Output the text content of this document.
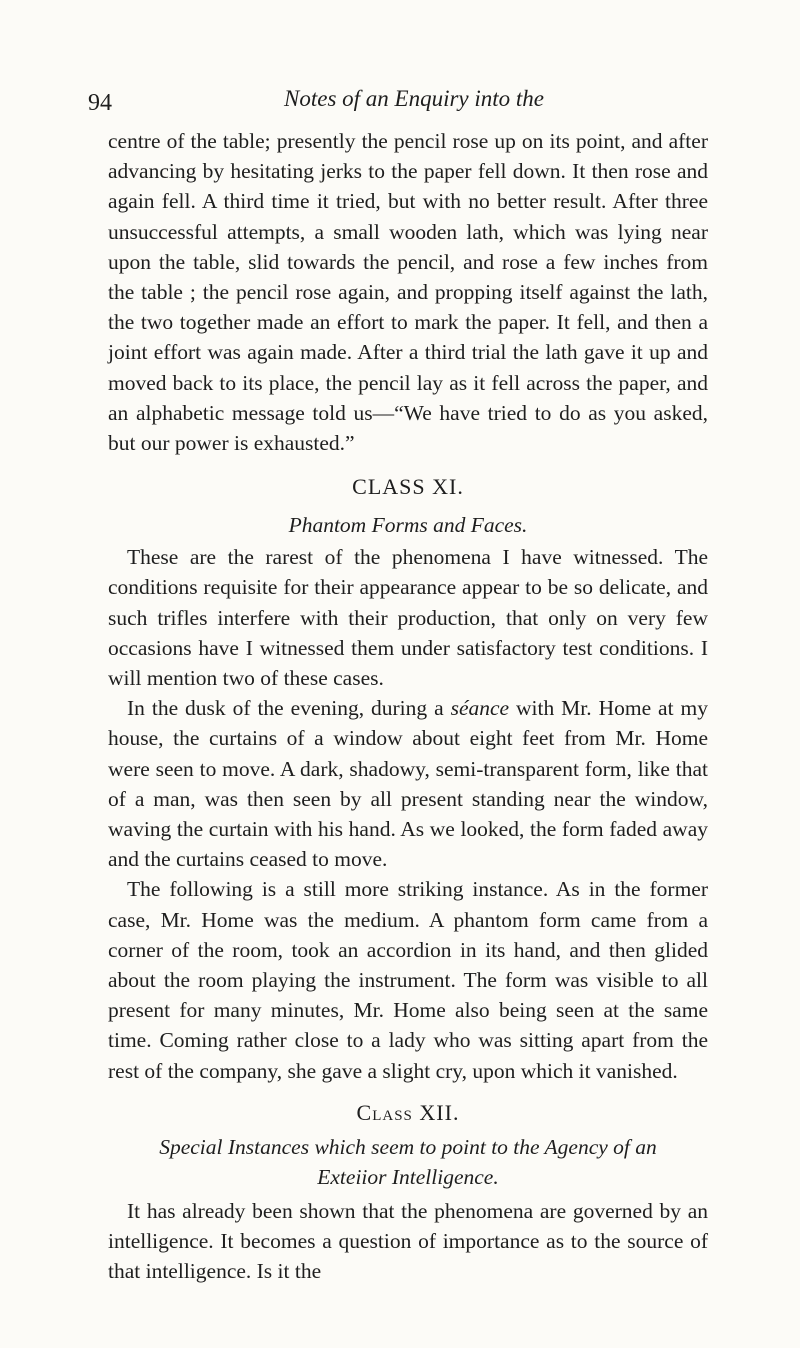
94	Notes of an Enquiry into the

centre of the table; presently the pencil rose up on its point, and after advancing by hesitating jerks to the paper fell down. It then rose and again fell. A third time it tried, but with no better result. After three unsuccessful attempts, a small wooden lath, which was lying near upon the table, slid towards the pencil, and rose a few inches from the table ; the pencil rose again, and propping itself against the lath, the two together made an effort to mark the paper. It fell, and then a joint effort was again made. After a third trial the lath gave it up and moved back to its place, the pencil lay as it fell across the paper, and an alphabetic message told us—“We have tried to do as you asked, but our power is exhausted.”

CLASS XI.
Phantom Forms and Faces.

These are the rarest of the phenomena I have witnessed. The conditions requisite for their appearance appear to be so delicate, and such trifles interfere with their production, that only on very few occasions have I witnessed them under satisfactory test conditions. I will mention two of these cases.

In the dusk of the evening, during a séance with Mr. Home at my house, the curtains of a window about eight feet from Mr. Home were seen to move. A dark, shadowy, semi-transparent form, like that of a man, was then seen by all present standing near the window, waving the curtain with his hand. As we looked, the form faded away and the curtains ceased to move.

The following is a still more striking instance. As in the former case, Mr. Home was the medium. A phantom form came from a corner of the room, took an accordion in its hand, and then glided about the room playing the instrument. The form was visible to all present for many minutes, Mr. Home also being seen at the same time. Coming rather close to a lady who was sitting apart from the rest of the company, she gave a slight cry, upon which it vanished.

Class XII.
Special Instances which seem to point to the Agency of an
Exteiior Intelligence.

It has already been shown that the phenomena are governed by an intelligence. It becomes a question of importance as to the source of that intelligence. Is it the
